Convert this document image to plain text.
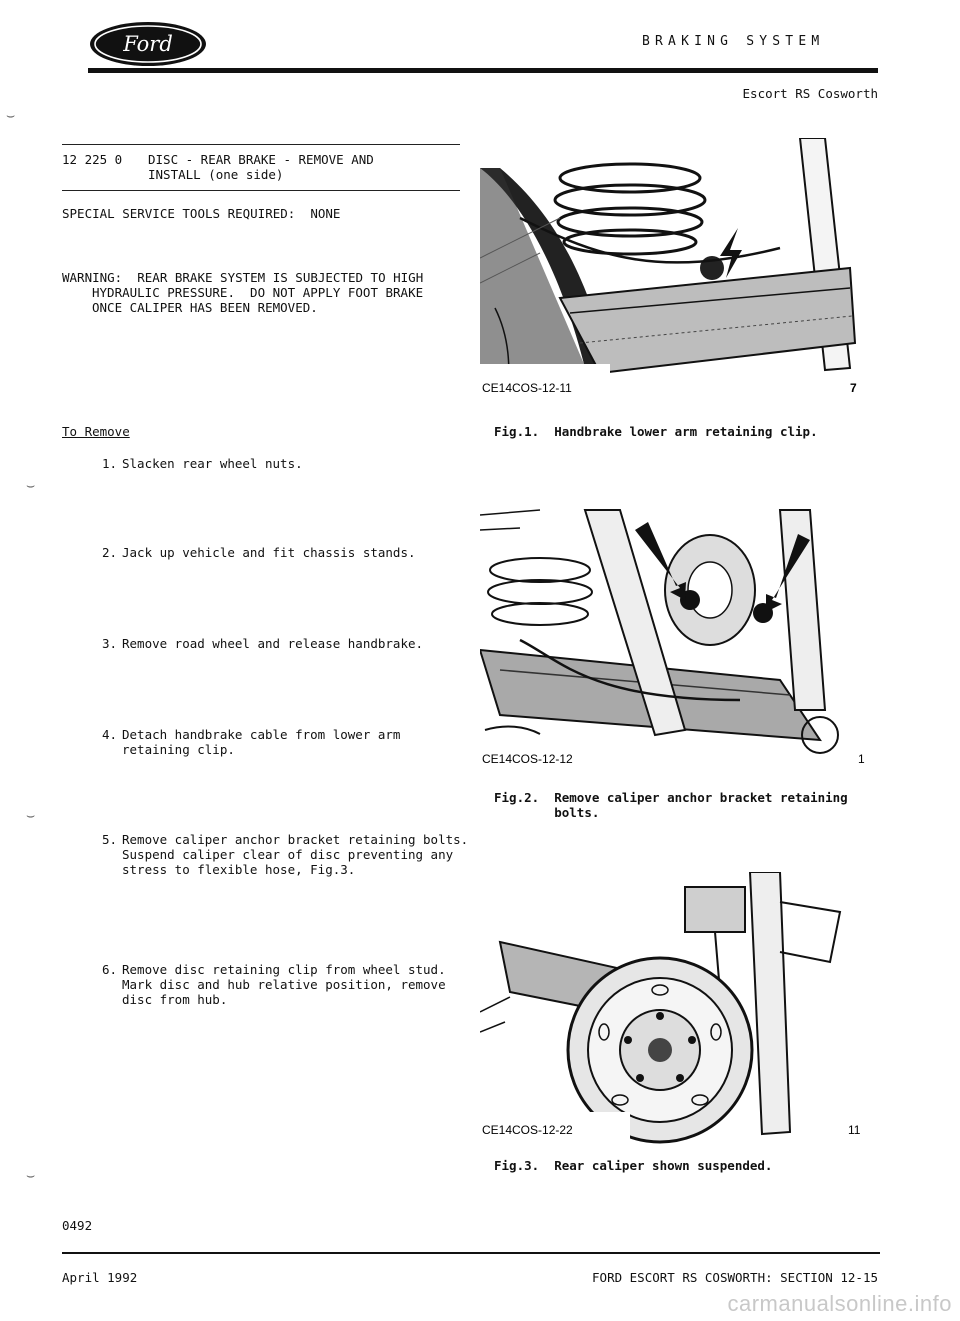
Ford	BRAKING SYSTEM
Escort RS Cosworth
⌣
⌣
⌣
⌣
12 225 0 DISC - REAR BRAKE - REMOVE AND
INSTALL (one side)
SPECIAL SERVICE TOOLS REQUIRED:  NONE
WARNING:  REAR BRAKE SYSTEM IS SUBJECTED TO HIGH
HYDRAULIC PRESSURE.  DO NOT APPLY FOOT BRAKE
ONCE CALIPER HAS BEEN REMOVED.
To Remove
1. Slacken rear wheel nuts.
2. Jack up vehicle and fit chassis stands.
3. Remove road wheel and release handbrake.
4. Detach handbrake cable from lower arm
retaining clip.
5. Remove caliper anchor bracket retaining bolts.
Suspend caliper clear of disc preventing any
stress to flexible hose, Fig.3.
6. Remove disc retaining clip from wheel stud.
Mark disc and hub relative position, remove
disc from hub.
CE14COS-12-11	7
Fig.1.  Handbrake lower arm retaining clip.
CE14COS-12-12	1
Fig.2.  Remove caliper anchor bracket retaining
bolts.
CE14COS-12-22	11
Fig.3.  Rear caliper shown suspended.
0492
April 1992	FORD ESCORT RS COSWORTH: SECTION 12-15
carmanualsonline.info
